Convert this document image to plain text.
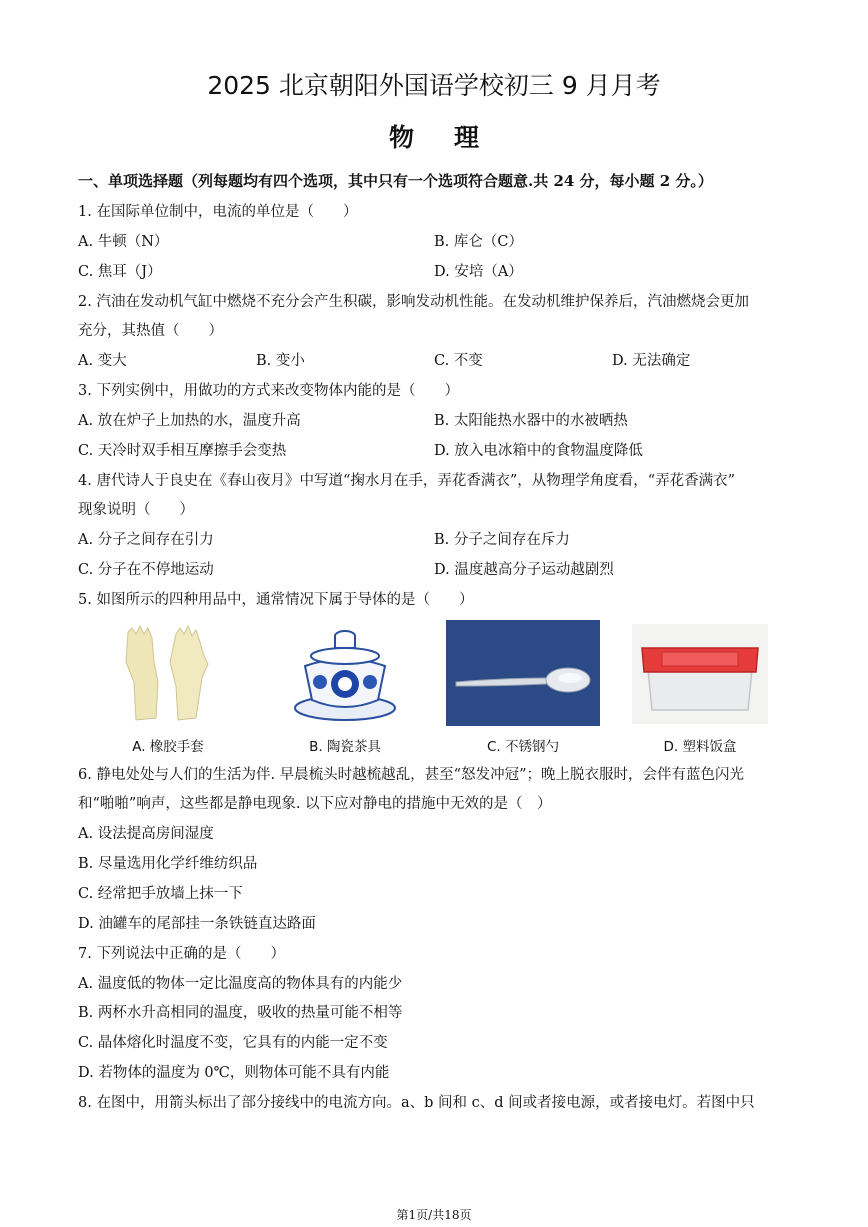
2025 北京朝阳外国语学校初三 9 月月考
物理
一、单项选择题（列每题均有四个选项，其中只有一个选项符合题意.共 24 分，每小题 2 分。）
1. 在国际单位制中，电流的单位是（　　）
A. 牛顿（N）	B. 库仑（C）
C. 焦耳（J）	D. 安培（A）
2. 汽油在发动机气缸中燃烧不充分会产生积碳，影响发动机性能。在发动机维护保养后，汽油燃烧会更加
充分，其热值（　　）
A. 变大	B. 变小	C. 不变	D. 无法确定
3. 下列实例中，用做功的方式来改变物体内能的是（　　）
A. 放在炉子上加热的水，温度升高	B. 太阳能热水器中的水被晒热
C. 天冷时双手相互摩擦手会变热	D. 放入电冰箱中的食物温度降低
4. 唐代诗人于良史在《春山夜月》中写道“掬水月在手，弄花香满衣”，从物理学角度看，“弄花香满衣”
现象说明（　　）
A. 分子之间存在引力	B. 分子之间存在斥力
C. 分子在不停地运动	D. 温度越高分子运动越剧烈
5. 如图所示的四种用品中，通常情况下属于导体的是（　　）
A. 橡胶手套	B. 陶瓷茶具	C. 不锈钢勺	D. 塑料饭盒
6. 静电处处与人们的生活为伴. 早晨梳头时越梳越乱，甚至“怒发冲冠”；晚上脱衣服时，会伴有蓝色闪光
和“啪啪”响声，这些都是静电现象. 以下应对静电的措施中无效的是（　）
A. 设法提高房间湿度
B. 尽量选用化学纤维纺织品
C. 经常把手放墙上抹一下
D. 油罐车的尾部挂一条铁链直达路面
7. 下列说法中正确的是（　　）
A. 温度低的物体一定比温度高的物体具有的内能少
B. 两杯水升高相同的温度，吸收的热量可能不相等
C. 晶体熔化时温度不变，它具有的内能一定不变
D. 若物体的温度为 0℃，则物体可能不具有内能
8. 在图中，用箭头标出了部分接线中的电流方向。a、b 间和 c、d 间或者接电源，或者接电灯。若图中只
第1页/共18页
